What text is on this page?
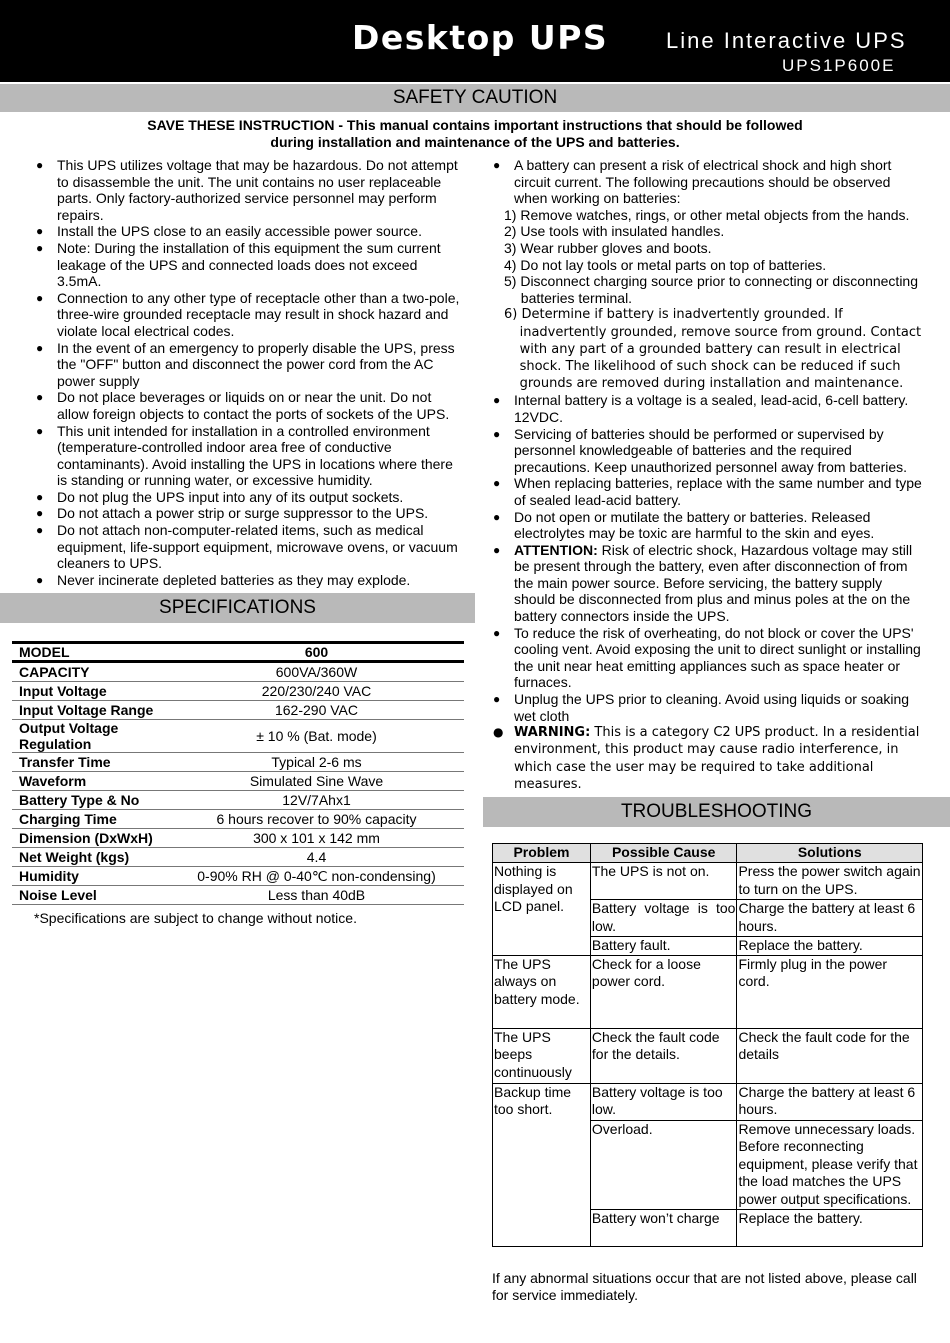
Desktop UPS	Line Interactive UPS
UPS1P600E
SAFETY CAUTION
SAVE THESE INSTRUCTION - This manual contains important instructions that should be followed
during installation and maintenance of the UPS and batteries.
● This UPS utilizes voltage that may be hazardous. Do not attempt to disassemble the unit. The unit contains no user replaceable parts. Only factory-authorized service personnel may perform repairs.
● Install the UPS close to an easily accessible power source.
● Note: During the installation of this equipment the sum current leakage of the UPS and connected loads does not exceed 3.5mA.
● Connection to any other type of receptacle other than a two-pole, three-wire grounded receptacle may result in shock hazard and violate local electrical codes.
● In the event of an emergency to properly disable the UPS, press the "OFF" button and disconnect the power cord from the AC power supply
● Do not place beverages or liquids on or near the unit. Do not allow foreign objects to contact the ports of sockets of the UPS.
● This unit intended for installation in a controlled environment (temperature-controlled indoor area free of conductive contaminants). Avoid installing the UPS in locations where there is standing or running water, or excessive humidity.
● Do not plug the UPS input into any of its output sockets.
● Do not attach a power strip or surge suppressor to the UPS.
● Do not attach non-computer-related items, such as medical equipment, life-support equipment, microwave ovens, or vacuum cleaners to UPS.
● Never incinerate depleted batteries as they may explode.
SPECIFICATIONS
MODEL	600
CAPACITY	600VA/360W
Input Voltage	220/230/240 VAC
Input Voltage Range	162-290 VAC
Output Voltage Regulation	± 10 % (Bat. mode)
Transfer Time	Typical 2-6 ms
Waveform	Simulated Sine Wave
Battery Type & No	12V/7Ahx1
Charging Time	6 hours recover to 90% capacity
Dimension (DxWxH)	300 x 101 x 142 mm
Net Weight (kgs)	4.4
Humidity	0-90% RH @ 0-40℃ non-condensing)
Noise Level	Less than 40dB
*Specifications are subject to change without notice.
● A battery can present a risk of electrical shock and high short circuit current. The following precautions should be observed when working on batteries:
1) Remove watches, rings, or other metal objects from the hands.
2) Use tools with insulated handles.
3) Wear rubber gloves and boots.
4) Do not lay tools or metal parts on top of batteries.
5) Disconnect charging source prior to connecting or disconnecting batteries terminal.
6) Determine if battery is inadvertently grounded. If inadvertently grounded, remove source from ground. Contact with any part of a grounded battery can result in electrical shock. The likelihood of such shock can be reduced if such grounds are removed during installation and maintenance.
● Internal battery is a voltage is a sealed, lead-acid, 6-cell battery. 12VDC.
● Servicing of batteries should be performed or supervised by personnel knowledgeable of batteries and the required precautions. Keep unauthorized personnel away from batteries.
● When replacing batteries, replace with the same number and type of sealed lead-acid battery.
● Do not open or mutilate the battery or batteries. Released electrolytes may be toxic are harmful to the skin and eyes.
● ATTENTION: Risk of electric shock, Hazardous voltage may still be present through the battery, even after disconnection of from the main power source. Before servicing, the battery supply should be disconnected from plus and minus poles at the on the battery connectors inside the UPS.
● To reduce the risk of overheating, do not block or cover the UPS' cooling vent. Avoid exposing the unit to direct sunlight or installing the unit near heat emitting appliances such as space heater or furnaces.
● Unplug the UPS prior to cleaning. Avoid using liquids or soaking wet cloth
● WARNING: This is a category C2 UPS product. In a residential environment, this product may cause radio interference, in which case the user may be required to take additional measures.
TROUBLESHOOTING
Problem	Possible Cause	Solutions
Nothing is displayed on LCD panel.	The UPS is not on.	Press the power switch again to turn on the UPS.
	Battery voltage is too low.	Charge the battery at least 6 hours.
	Battery fault.	Replace the battery.
The UPS always on battery mode.	Check for a loose power cord.	Firmly plug in the power cord.
The UPS beeps continuously	Check the fault code for the details.	Check the fault code for the details
Backup time too short.	Battery voltage is too low.	Charge the battery at least 6 hours.
	Overload.	Remove unnecessary loads. Before reconnecting equipment, please verify that the load matches the UPS power output specifications.
	Battery won’t charge	Replace the battery.
If any abnormal situations occur that are not listed above, please call for service immediately.
